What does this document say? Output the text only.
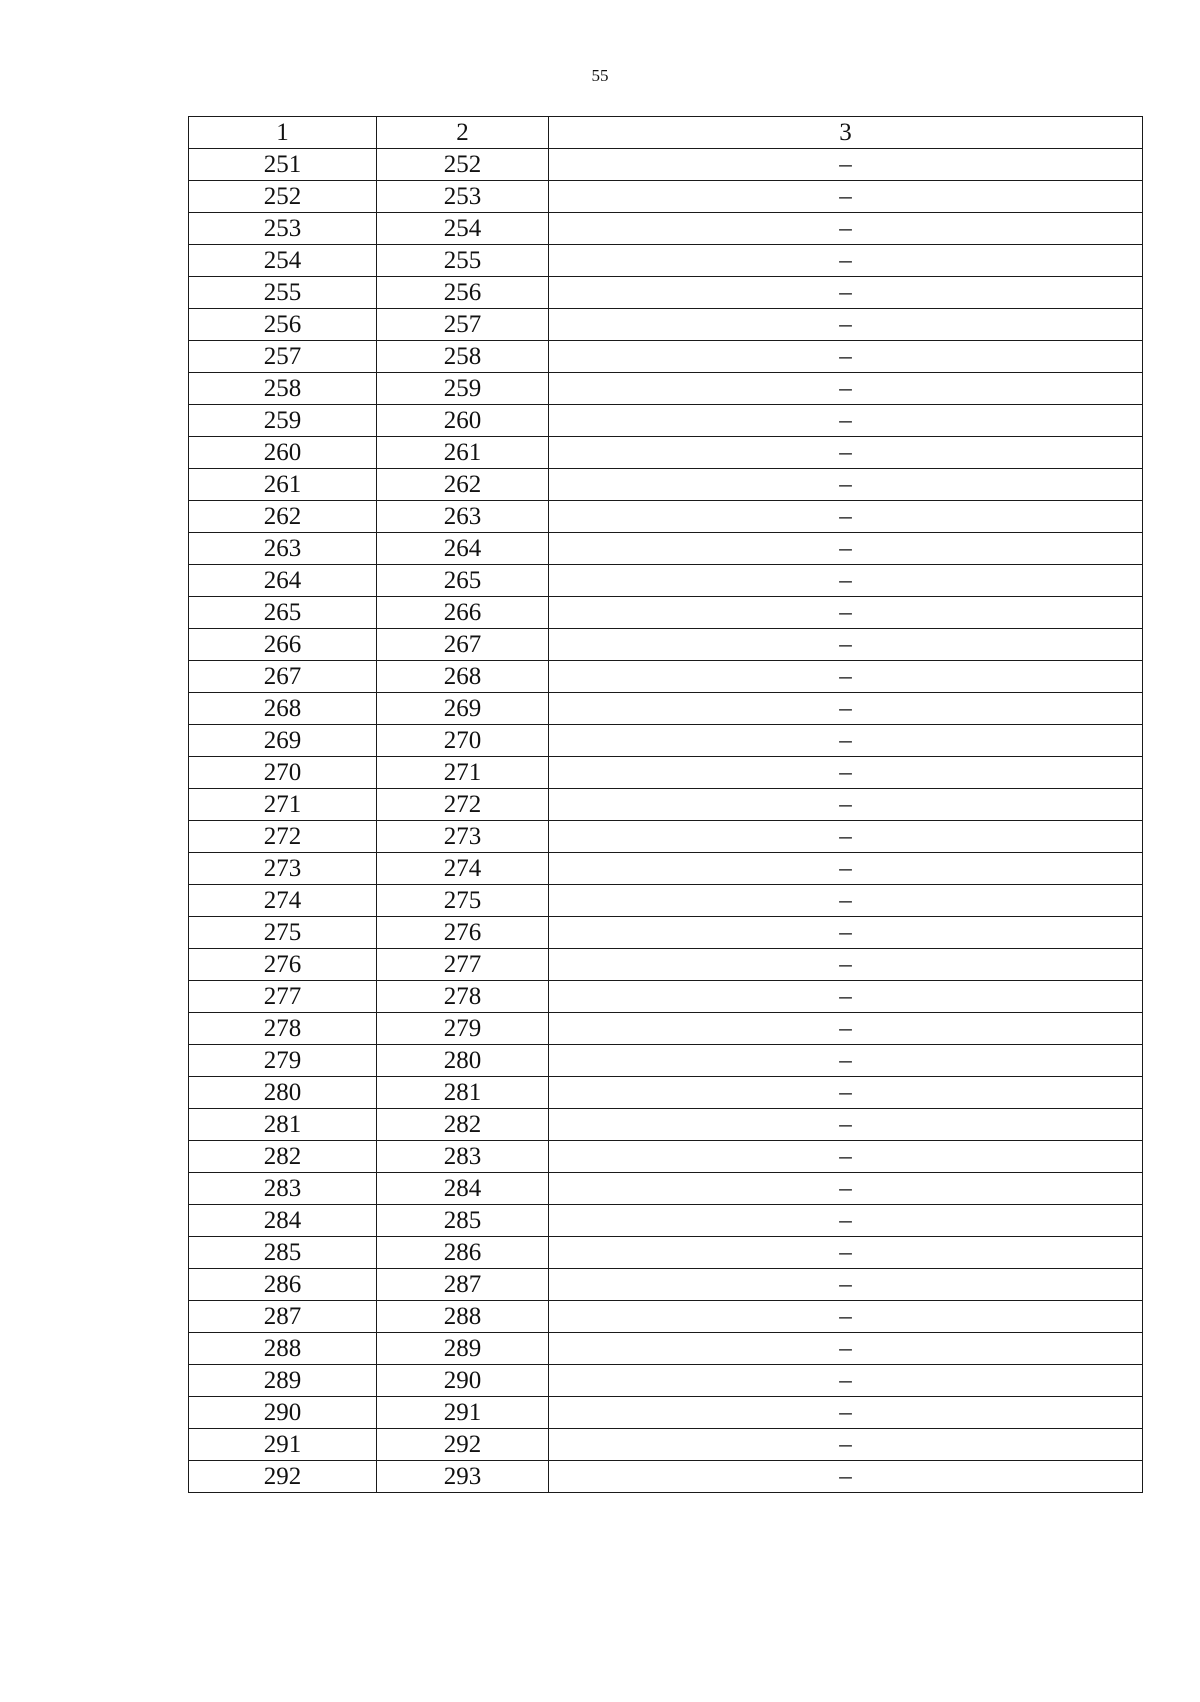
55
1	2	3
251	252	–
252	253	–
253	254	–
254	255	–
255	256	–
256	257	–
257	258	–
258	259	–
259	260	–
260	261	–
261	262	–
262	263	–
263	264	–
264	265	–
265	266	–
266	267	–
267	268	–
268	269	–
269	270	–
270	271	–
271	272	–
272	273	–
273	274	–
274	275	–
275	276	–
276	277	–
277	278	–
278	279	–
279	280	–
280	281	–
281	282	–
282	283	–
283	284	–
284	285	–
285	286	–
286	287	–
287	288	–
288	289	–
289	290	–
290	291	–
291	292	–
292	293	–
